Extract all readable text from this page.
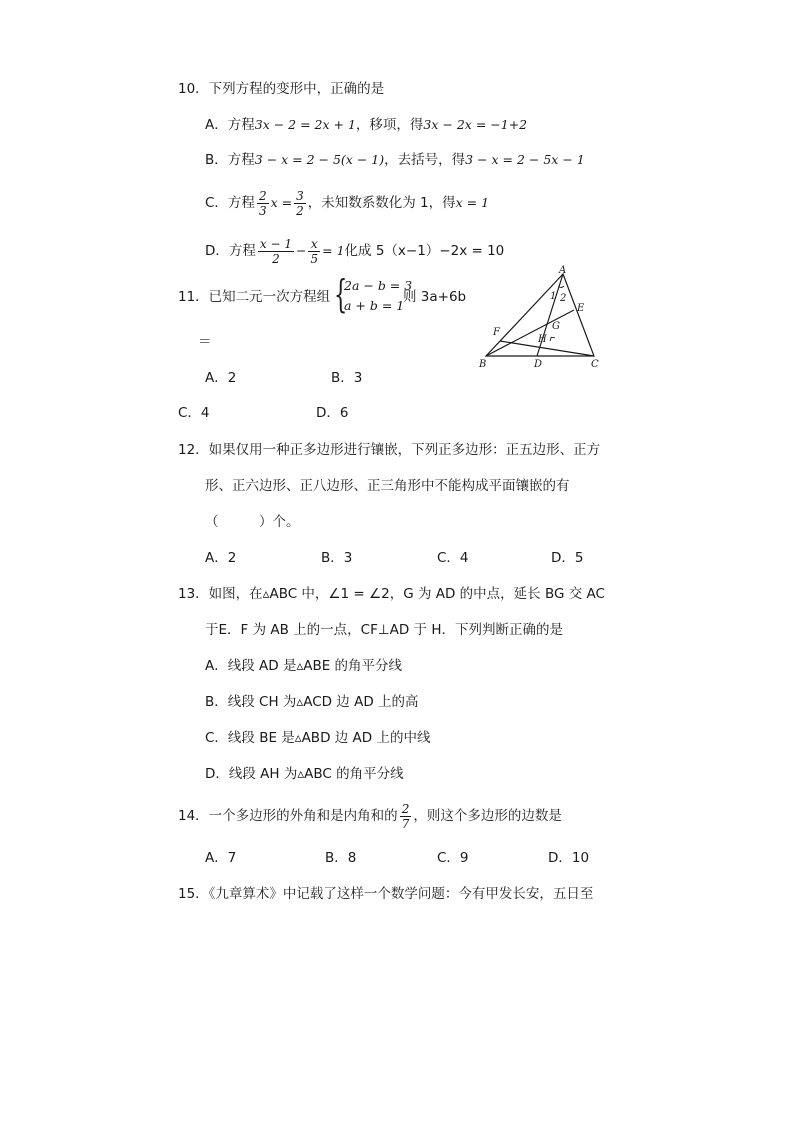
10．下列方程的变形中，正确的是
A．方程3x − 2 = 2x + 1，移项，得3x − 2x = −1+2
B．方程3 − x = 2 − 5(x − 1)，去括号，得3 − x = 2 − 5x − 1
C．方程 $\frac{2}{3}$ $x = \frac{3}{2}$ ，未知数系数化为 1，得x = 1
D．方程 $\frac{x - 1}{2} - \frac{x}{5} = 1$化成 5（x−1）−2x = 10
11．已知二元一次方程组 {
2a − b = 3
a + b = 1
则 3a+6b
＝
A．2	B．3
C．4	D．6
A
B	C
D
E
F
G
H
1 2
12．如果仅用一种正多边形进行镶嵌，下列正多边形：正五边形、正方
形、正六边形、正八边形、正三角形中不能构成平面镶嵌的有
（　　　）个。
A．2	B．3	C．4	D．5
13．如图，在▵ABC 中，∠1 = ∠2，G 为 AD 的中点，延长 BG 交 AC
于E．F 为 AB 上的一点，CF⊥AD 于 H．下列判断正确的是
A．线段 AD 是▵ABE 的角平分线
B．线段 CH 为▵ACD 边 AD 上的高
C．线段 BE 是▵ABD 边 AD 上的中线
D．线段 AH 为▵ABC 的角平分线
14．一个多边形的外角和是内角和的 $\frac{2}{7}$ ，则这个多边形的边数是
A．7	B．8	C．9	D．10
15．《九章算术》中记载了这样一个数学问题：今有甲发长安，五日至
